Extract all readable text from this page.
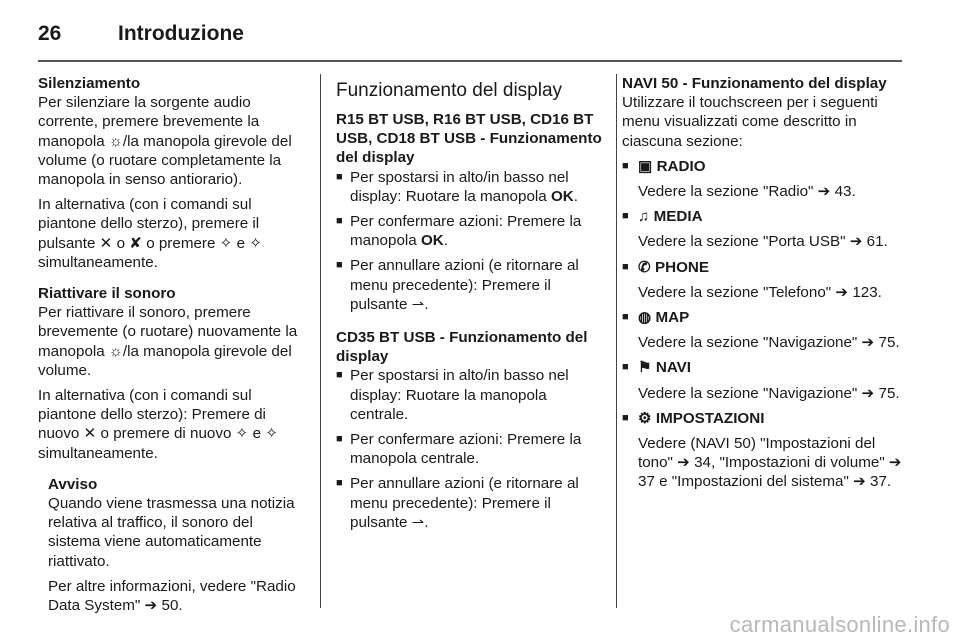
26	Introduzione
Silenziamento

Per silenziare la sorgente audio corrente, premere brevemente la manopola ☼/la manopola girevole del volume (o ruotare completamente la manopola in senso antiorario).

In alternativa (con i comandi sul piantone dello sterzo), premere il pulsante ✕ o ✘ o premere ✧ e ✧ simultaneamente.

Riattivare il sonoro

Per riattivare il sonoro, premere brevemente (o ruotare) nuovamente la manopola ☼/la manopola girevole del volume.

In alternativa (con i comandi sul piantone dello sterzo): Premere di nuovo ✕ o premere di nuovo ✧ e ✧ simultaneamente.

Avviso

Quando viene trasmessa una notizia relativa al traffico, il sonoro del sistema viene automaticamente riattivato.

Per altre informazioni, vedere "Radio Data System" ➔ 50.

Funzionamento del display
R15 BT USB, R16 BT USB, CD16 BT USB, CD18 BT USB - Funzionamento del display
■ Per spostarsi in alto/in basso nel display: Ruotare la manopola OK.
■ Per confermare azioni: Premere la manopola OK.
■ Per annullare azioni (e ritornare al menu precedente): Premere il pulsante ⇀.
CD35 BT USB - Funzionamento del display
■ Per spostarsi in alto/in basso nel display: Ruotare la manopola centrale.
■ Per confermare azioni: Premere la manopola centrale.
■ Per annullare azioni (e ritornare al menu precedente): Premere il pulsante ⇀.
NAVI 50 - Funzionamento del display

Utilizzare il touchscreen per i seguenti menu visualizzati come descritto in ciascuna sezione:

■ ▣ RADIO
Vedere la sezione "Radio" ➔ 43.
■ ♫ MEDIA
Vedere la sezione "Porta USB" ➔ 61.
■ ✆ PHONE
Vedere la sezione "Telefono" ➔ 123.
■ ◍ MAP
Vedere la sezione "Navigazione" ➔ 75.
■ ⚑ NAVI
Vedere la sezione "Navigazione" ➔ 75.
■ ⚙ IMPOSTAZIONI
Vedere (NAVI 50) "Impostazioni del tono" ➔ 34, "Impostazioni di volume" ➔ 37 e "Impostazioni del sistema" ➔ 37.
carmanualsonline.info
